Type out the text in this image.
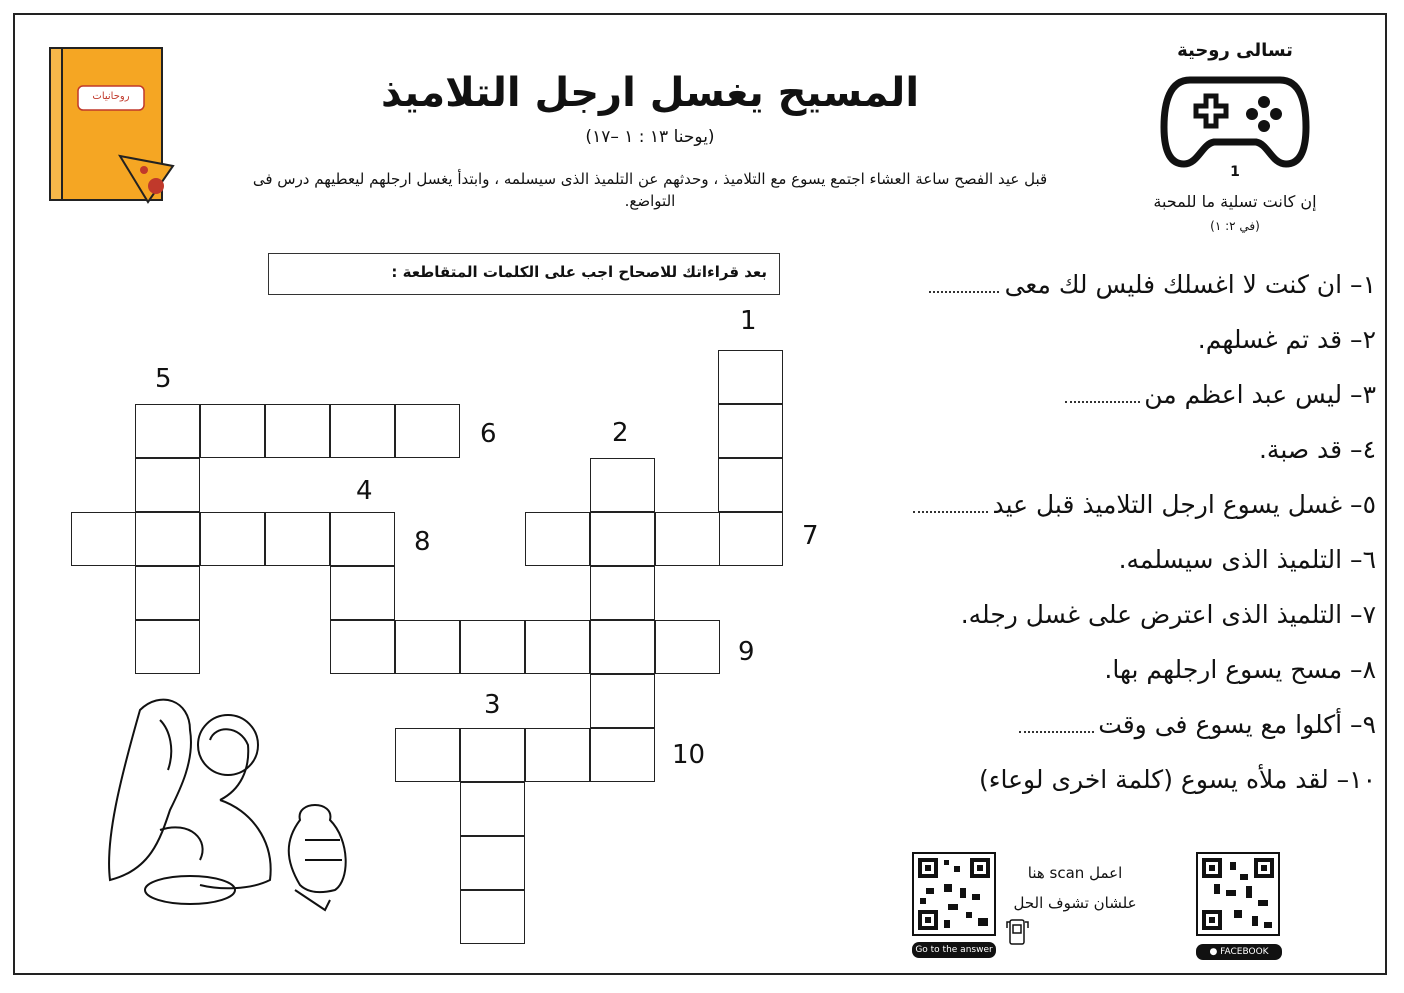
روحانيات	المسيح يغسل ارجل التلاميذ
(يوحنا ١٣ : ١ –١٧)
قبل عيد الفصح ساعة العشاء اجتمع يسوع مع التلاميذ ، وحدثهم عن التلميذ الذى سيسلمه ، وابتدأ يغسل ارجلهم ليعطيهم درس فى التواضع.
بعد قراءاتك للاصحاح اجب على الكلمات المتقاطعة :
تسالى روحية
1
إن كانت تسلية ما للمحبة
(في ٢: ١)
1
2
3
4
5
6
7
8
9
10
١– ان كنت لا اغسلك فليس لك معى
٢– قد تم غسلهم.
٣– ليس عبد اعظم من
٤– قد صبة.
٥– غسل يسوع ارجل التلاميذ قبل عيد
٦– التلميذ الذى سيسلمه.
٧– التلميذ الذى اعترض على غسل رجله.
٨– مسح يسوع ارجلهم بها.
٩– أكلوا مع يسوع فى وقت
١٠– لقد ملأه يسوع (كلمة اخرى لوعاء)
Go to the answer	● FACEBOOK
اعمل scan هنا
علشان تشوف الحل
